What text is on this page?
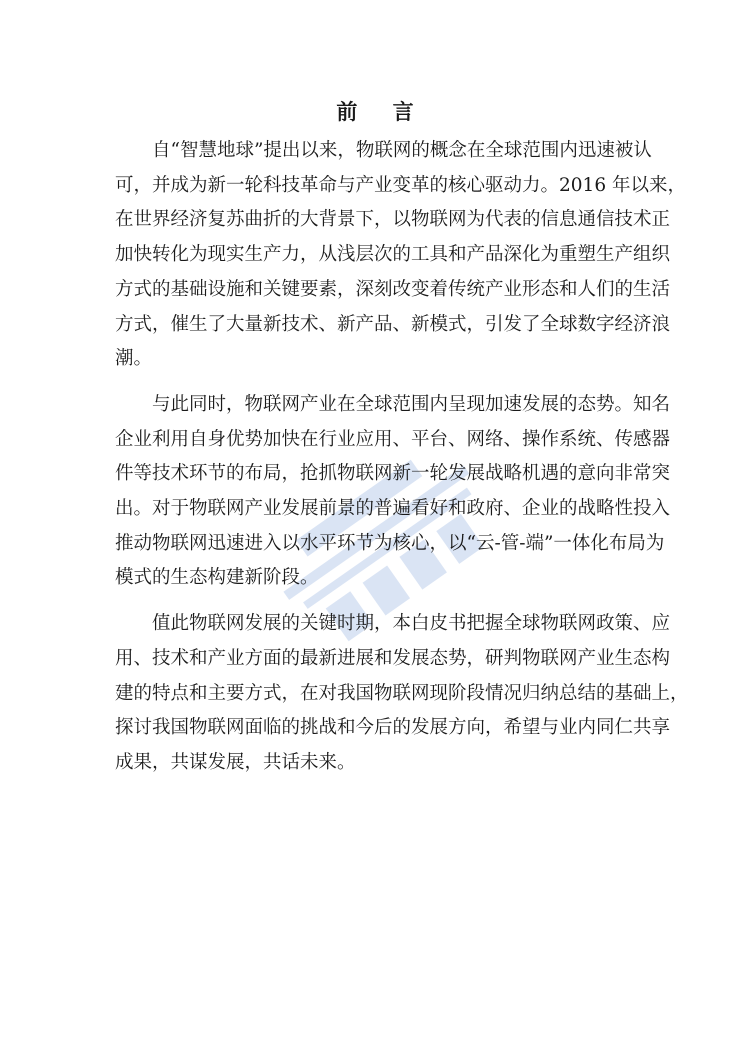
前 言

自“智慧地球”提出以来，物联网的概念在全球范围内迅速被认
可，并成为新一轮科技革命与产业变革的核心驱动力。2016 年以来，
在世界经济复苏曲折的大背景下，以物联网为代表的信息通信技术正
加快转化为现实生产力，从浅层次的工具和产品深化为重塑生产组织
方式的基础设施和关键要素，深刻改变着传统产业形态和人们的生活
方式，催生了大量新技术、新产品、新模式，引发了全球数字经济浪
潮。

与此同时，物联网产业在全球范围内呈现加速发展的态势。知名
企业利用自身优势加快在行业应用、平台、网络、操作系统、传感器
件等技术环节的布局，抢抓物联网新一轮发展战略机遇的意向非常突
出。对于物联网产业发展前景的普遍看好和政府、企业的战略性投入
推动物联网迅速进入以水平环节为核心，以“云-管-端”一体化布局为
模式的生态构建新阶段。

值此物联网发展的关键时期，本白皮书把握全球物联网政策、应
用、技术和产业方面的最新进展和发展态势，研判物联网产业生态构
建的特点和主要方式，在对我国物联网现阶段情况归纳总结的基础上，
探讨我国物联网面临的挑战和今后的发展方向，希望与业内同仁共享
成果，共谋发展，共话未来。
